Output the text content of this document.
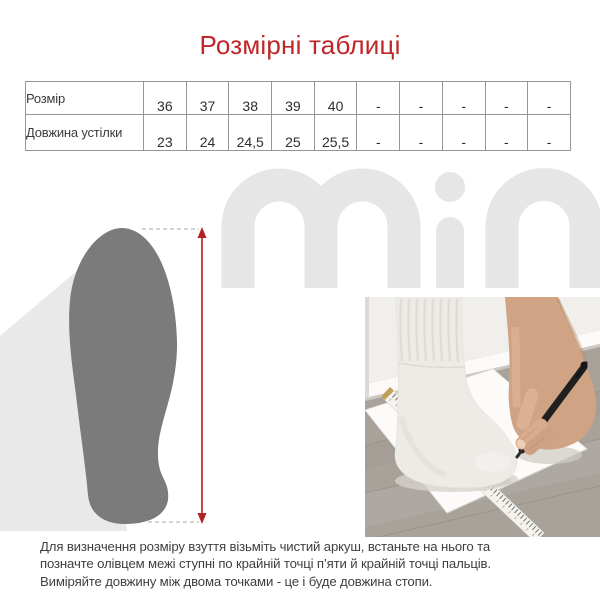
Розмірні таблиці
Розмір	36	37	38	39	40	-	-	-	-	-
Довжина устілки	23	24	24,5	25	25,5	-	-	-	-	-
Для визначення розміру взуття візьміть чистий аркуш, встаньте на нього та
позначте олівцем межі ступні по крайній точці п’яти й крайній точці пальців.
Виміряйте довжину між двома точками - це і буде довжина стопи.
